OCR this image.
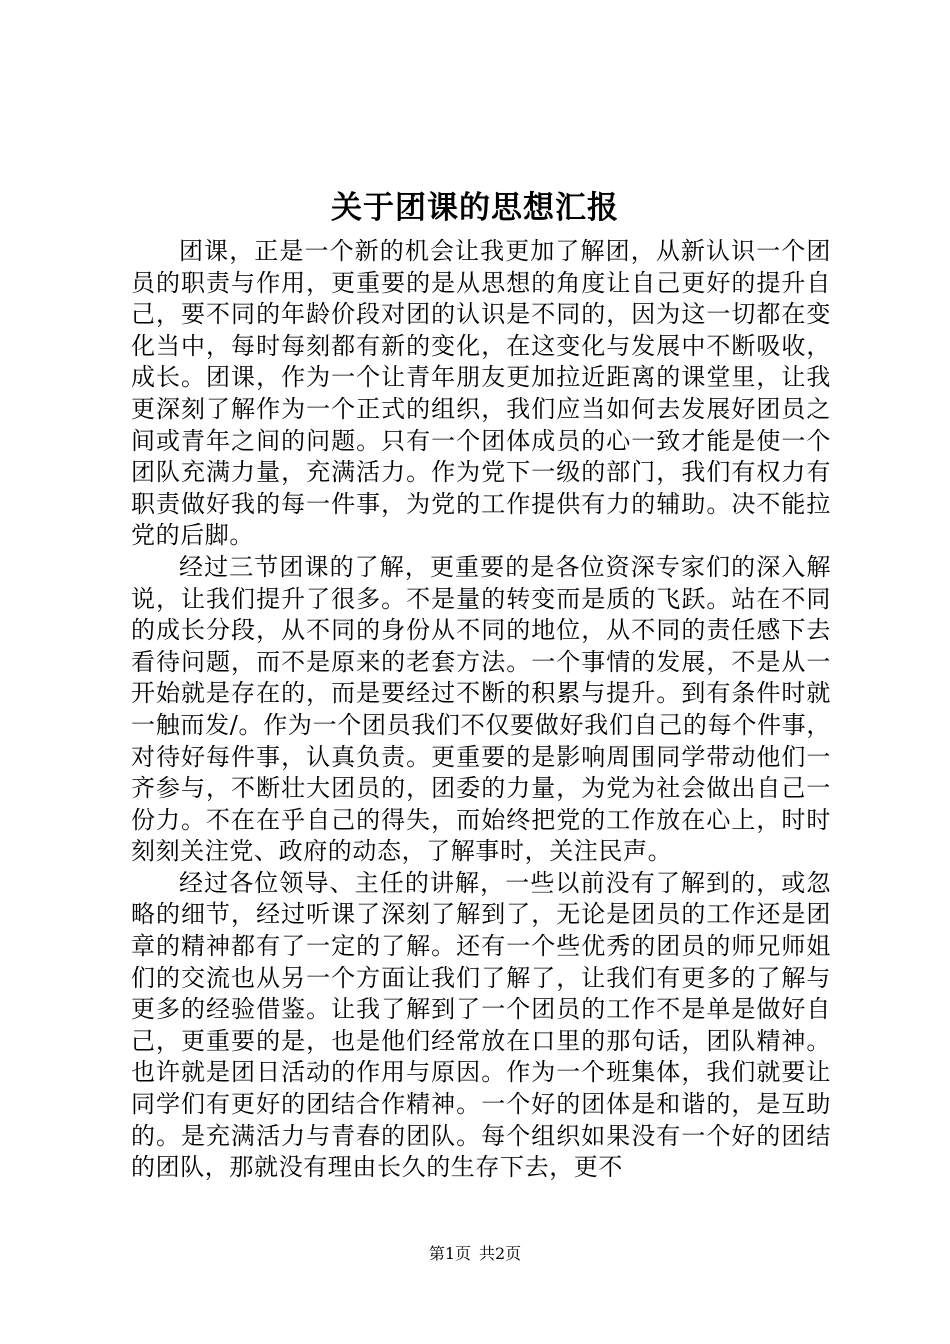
关于团课的思想汇报

团课，正是一个新的机会让我更加了解团，从新认识一个团员的职责与作用，更重要的是从思想的角度让自己更好的提升自己，要不同的年龄价段对团的认识是不同的，因为这一切都在变化当中，每时每刻都有新的变化，在这变化与发展中不断吸收，成长。团课，作为一个让青年朋友更加拉近距离的课堂里，让我更深刻了解作为一个正式的组织，我们应当如何去发展好团员之间或青年之间的问题。只有一个团体成员的心一致才能是使一个团队充满力量，充满活力。作为党下一级的部门，我们有权力有职责做好我的每一件事，为党的工作提供有力的辅助。决不能拉党的后脚。

经过三节团课的了解，更重要的是各位资深专家们的深入解说，让我们提升了很多。不是量的转变而是质的飞跃。站在不同的成长分段，从不同的身份从不同的地位，从不同的责任感下去看待问题，而不是原来的老套方法。一个事情的发展，不是从一开始就是存在的，而是要经过不断的积累与提升。到有条件时就一触而发/。作为一个团员我们不仅要做好我们自己的每个件事，对待好每件事，认真负责。更重要的是影响周围同学带动他们一齐参与，不断壮大团员的，团委的力量，为党为社会做出自己一份力。不在在乎自己的得失，而始终把党的工作放在心上，时时刻刻关注党、政府的动态，了解事时，关注民声。

经过各位领导、主任的讲解，一些以前没有了解到的，或忽略的细节，经过听课了深刻了解到了，无论是团员的工作还是团章的精神都有了一定的了解。还有一个些优秀的团员的师兄师姐们的交流也从另一个方面让我们了解了，让我们有更多的了解与更多的经验借鉴。让我了解到了一个团员的工作不是单是做好自己，更重要的是，也是他们经常放在口里的那句话，团队精神。也许就是团日活动的作用与原因。作为一个班集体，我们就要让同学们有更好的团结合作精神。一个好的团体是和谐的，是互助的。是充满活力与青春的团队。每个组织如果没有一个好的团结的团队，那就没有理由长久的生存下去，更不

第1页 共2页
